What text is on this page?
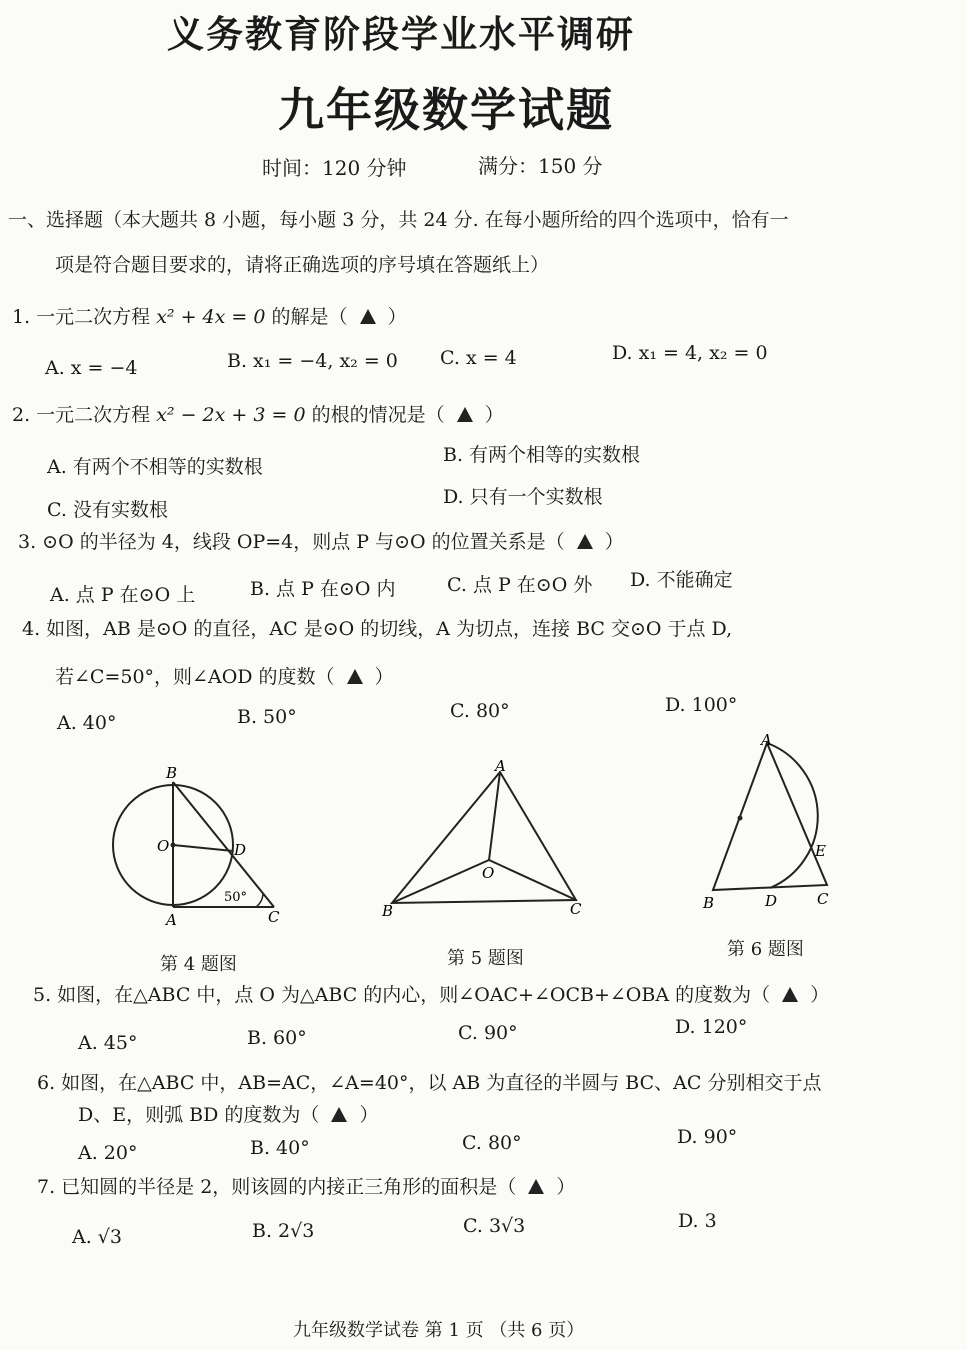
义务教育阶段学业水平调研
九年级数学试题
时间：120 分钟	满分：150 分
一、选择题（本大题共 8 小题，每小题 3 分，共 24 分. 在每小题所给的四个选项中，恰有一
项是符合题目要求的，请将正确选项的序号填在答题纸上）
1. 一元二次方程 x² + 4x = 0 的解是（ ）
A. x = −4	B. x₁ = −4, x₂ = 0 C. x = 4	D. x₁ = 4, x₂ = 0
2. 一元二次方程 x² − 2x + 3 = 0 的根的情况是（ ）
A. 有两个不相等的实数根
B. 有两个相等的实数根
C. 没有实数根
D. 只有一个实数根
3. ⊙O 的半径为 4，线段 OP=4，则点 P 与⊙O 的位置关系是（ ）
A. 点 P 在⊙O 上	B. 点 P 在⊙O 内	C. 点 P 在⊙O 外 D. 不能确定
4. 如图，AB 是⊙O 的直径，AC 是⊙O 的切线，A 为切点，连接 BC 交⊙O 于点 D,
若∠C=50°，则∠AOD 的度数（ ）
A. 40°	B. 50°	C. 80°	D. 100°
B
O	D
A	C
50°
第 4 题图
A
O
B	C
第 5 题图
A
E
B	D	C
第 6 题图
5. 如图，在△ABC 中，点 O 为△ABC 的内心，则∠OAC+∠OCB+∠OBA 的度数为（ ）
A. 45°	B. 60°	C. 90°	D. 120°
6. 如图，在△ABC 中，AB=AC，∠A=40°，以 AB 为直径的半圆与 BC、AC 分别相交于点
D、E，则弧 BD 的度数为（ ）
A. 20°	B. 40°	C. 80°	D. 90°
7. 已知圆的半径是 2，则该圆的内接正三角形的面积是（ ）
A. √3	B. 2√3	C. 3√3	D. 3
九年级数学试卷 第 1 页 （共 6 页）
